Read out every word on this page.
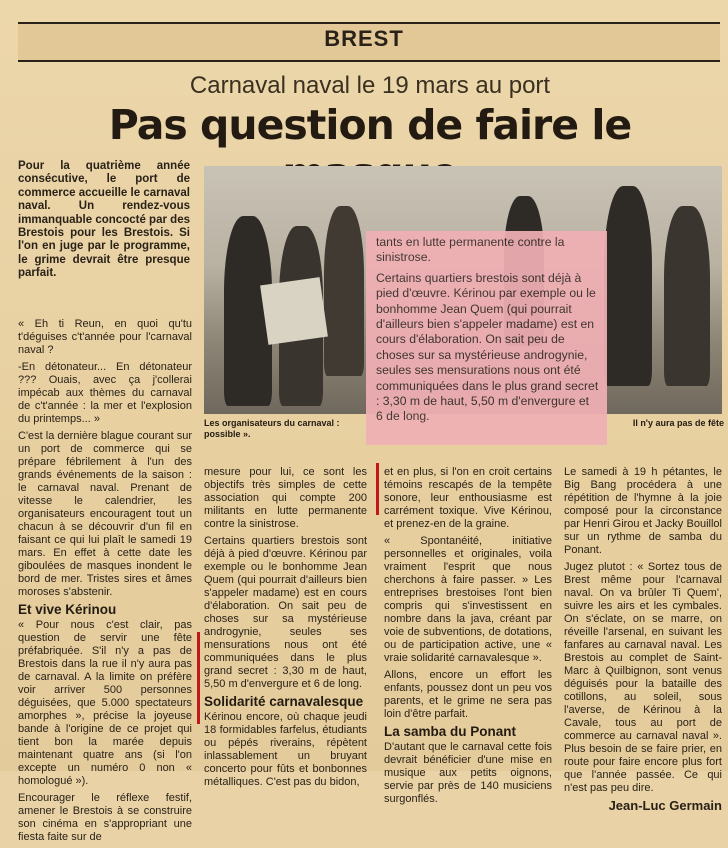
BREST
Carnaval naval le 19 mars au port
Pas question de faire le
Pour la quatrième année consécutive, le port de commerce accueille le carnaval naval. Un rendez-vous immanquable concocté par des Brestois pour les Brestois. Si l'on en juge par le programme, le grime devrait être presque parfait.

« Eh ti Reun, en quoi qu'tu t'déguises c't'année pour l'carnaval naval ?

-En détonateur... En détonateur ??? Ouais, avec ça j'collerai impécab aux thèmes du carnaval de c't'année : la mer et l'explosion du printemps... »

C'est la dernière blague courant sur un port de commerce qui se prépare fébrilement à l'un des grands événements de la saison : le carnaval naval. Prenant de vitesse le calendrier, les organisateurs encouragent tout un chacun à se découvrir d'un fil en faisant ce qui lui plaît le samedi 19 mars. En effet à cette date les giboulées de masques inondent le bord de mer. Tristes sires et âmes moroses s'abstenir.

Et vive Kérinou

« Pour nous c'est clair, pas question de servir une fête préfabriquée. S'il n'y a pas de Brestois dans la rue il n'y aura pas de carnaval. A la limite on préfère voir arriver 500 personnes déguisées, que 5.000 spectateurs amorphes », précise la joyeuse bande à l'origine de ce projet qui tient bon la marée depuis maintenant quatre ans (si l'on excepte un numéro 0 non « homologué »).

Encourager le réflexe festif, amener le Brestois à se construire son cinéma en s'appropriant une fiesta faite sur de

Les organisateurs du carnaval : possible ».
Il n'y aura pas de fête

tants en lutte permanente contre la sinistrose.

Certains quartiers brestois sont déjà à pied d'œuvre. Kérinou par exemple ou le bonhomme Jean Quem (qui pourrait d'ailleurs bien s'appeler madame) est en cours d'élaboration. On sait peu de choses sur sa mystérieuse androgynie, seules ses mensurations nous ont été communiquées dans le plus grand secret : 3,30 m de haut, 5,50 m d'envergure et 6 de long.

mesure pour lui, ce sont les objectifs très simples de cette association qui compte 200 militants en lutte permanente contre la sinistrose.

Certains quartiers brestois sont déjà à pied d'œuvre. Kérinou par exemple ou le bonhomme Jean Quem (qui pourrait d'ailleurs bien s'appeler madame) est en cours d'élaboration. On sait peu de choses sur sa mystérieuse androgynie, seules ses mensurations nous ont été communiquées dans le plus grand secret : 3,30 m de haut, 5,50 m d'envergure et 6 de long.

Solidarité carnavalesque

Kérinou encore, où chaque jeudi 18 formidables farfelus, étudiants ou pépés riverains, répètent inlassablement un bruyant concerto pour fûts et bonbonnes métalliques. C'est pas du bidon,

et en plus, si l'on en croit certains témoins rescapés de la tempête sonore, leur enthousiasme est carrément toxique. Vive Kérinou, et prenez-en de la graine.

« Spontanéité, initiative personnelles et originales, voila vraiment l'esprit que nous cherchons à faire passer. » Les entreprises brestoises l'ont bien compris qui s'investissent en nombre dans la java, créant par voie de subventions, de dotations, ou de participation active, une « vraie solidarité carnavalesque ».

Allons, encore un effort les enfants, poussez dont un peu vos parents, et le grime ne sera pas loin d'être parfait.

La samba du Ponant

D'autant que le carnaval cette fois devrait bénéficier d'une mise en musique aux petits oignons, servie par près de 140 musiciens surgonflés.

Le samedi à 19 h pétantes, le Big Bang procédera à une répétition de l'hymne à la joie composé pour la circonstance par Henri Girou et Jacky Bouillol sur un rythme de samba du Ponant.

Jugez plutot : « Sortez tous de Brest même pour l'carnaval naval. On va brûler Ti Quem', suivre les airs et les cymbales. On s'éclate, on se marre, on réveille l'arsenal, en suivant les fanfares au carnaval naval. Les Brestois au complet de Saint-Marc à Quilbignon, sont venus déguisés pour la bataille des cotillons, au soleil, sous l'averse, de Kérinou à la Cavale, tous au port de commerce au carnaval naval ». Plus besoin de se faire prier, en route pour faire encore plus fort que l'année passée. Ce qui n'est pas peu dire.

Jean-Luc Germain
